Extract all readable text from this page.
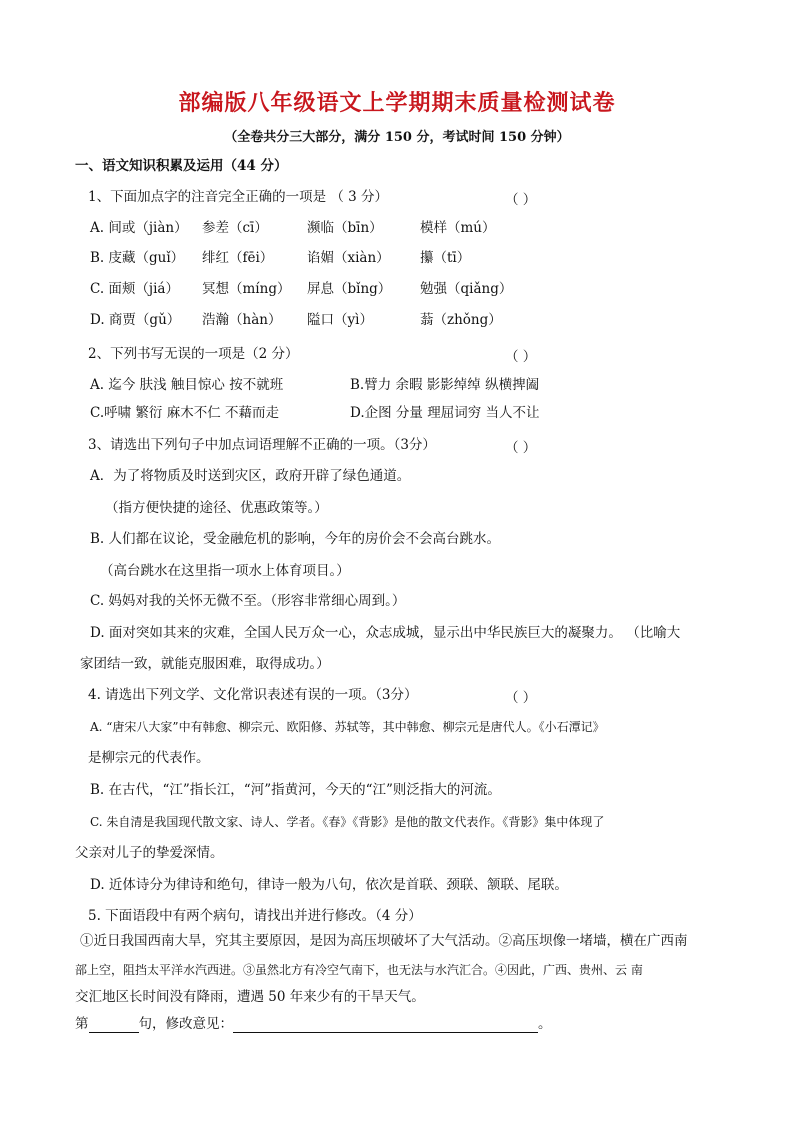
部编版八年级语文上学期期末质量检测试卷
（全卷共分三大部分，满分 150 分，考试时间 150 分钟）
一、语文知识积累及运用（44 分）
1、下面加点字的注音完全正确的一项是 （ 3 分）	（ ）
A. 间或（jiàn） 参差（cī）	濒临（bīn）	模样（mú）
B. 庋藏（guǐ） 绯红（fēi） 谄媚（xiàn） 攥（tī）
C. 面颊（jiá） 冥想（míng） 屏息（bǐng） 勉强（qiǎng）
D. 商贾（gǔ） 浩瀚（hàn） 隘口（yì）	蓊（zhǒng）
2、下列书写无误的一项是（2 分）	（ ）
A. 迄今 肤浅 触目惊心 按不就班	B.臂力 余暇 影影绰绰 纵横捭阖
C.呼啸 繁衍 麻木不仁 不藉而走	D.企图 分量 理屈词穷 当人不让
3、请选出下列句子中加点词语理解不正确的一项。（3分）	（ ）
A．为了将物质及时送到灾区，政府开辟了绿色通道。
（指方便快捷的途径、优惠政策等。）
B. 人们都在议论，受金融危机的影响，今年的房价会不会高台跳水。
（高台跳水在这里指一项水上体育项目。）
C. 妈妈对我的关怀无微不至。（形容非常细心周到。）
D. 面对突如其来的灾难，全国人民万众一心，众志成城，显示出中华民族巨大的凝聚力。 （比喻大
家团结一致，就能克服困难，取得成功。）
4. 请选出下列文学、文化常识表述有误的一项。（3分）	（ ）
A. “唐宋八大家”中有韩愈、柳宗元、欧阳修、苏轼等，其中韩愈、柳宗元是唐代人。《小石潭记》
是柳宗元的代表作。
B. 在古代，“江”指长江，“河”指黄河，今天的“江”则泛指大的河流。
C. 朱自清是我国现代散文家、诗人、学者。《春》《背影》是他的散文代表作。《背影》集中体现了
父亲对儿子的挚爱深情。
D. 近体诗分为律诗和绝句，律诗一般为八句，依次是首联、颈联、颔联、尾联。
5. 下面语段中有两个病句，请找出并进行修改。（4 分）
①近日我国西南大旱，究其主要原因，是因为高压坝破坏了大气活动。②高压坝像一堵墙，横在广西南
部上空，阻挡太平洋水汽西进。③虽然北方有冷空气南下，也无法与水汽汇合。④因此，广西、贵州、云 南
交汇地区长时间没有降雨，遭遇 50 年来少有的干旱天气。
第	句，修改意见：	。
